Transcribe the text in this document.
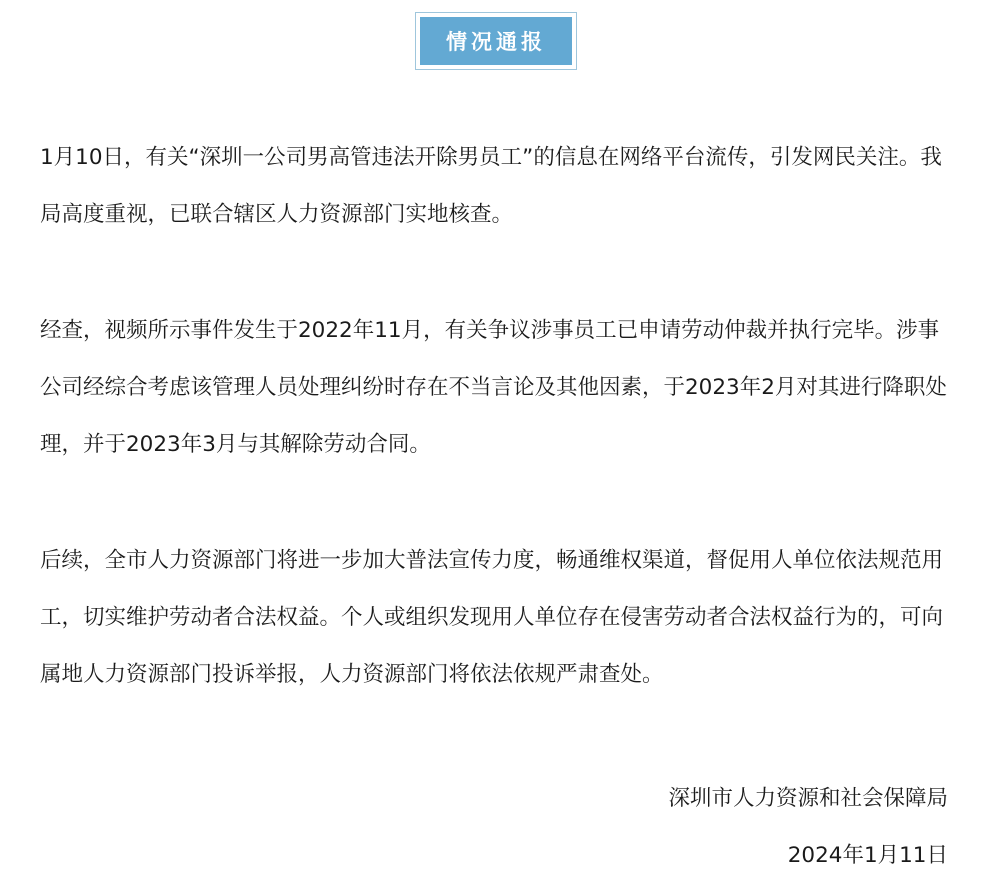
情况通报

1月10日，有关“深圳一公司男高管违法开除男员工”的信息在网络平台流传，引发网民关注。我局高度重视，已联合辖区人力资源部门实地核查。

经查，视频所示事件发生于2022年11月，有关争议涉事员工已申请劳动仲裁并执行完毕。涉事公司经综合考虑该管理人员处理纠纷时存在不当言论及其他因素，于2023年2月对其进行降职处理，并于2023年3月与其解除劳动合同。

后续，全市人力资源部门将进一步加大普法宣传力度，畅通维权渠道，督促用人单位依法规范用工，切实维护劳动者合法权益。个人或组织发现用人单位存在侵害劳动者合法权益行为的，可向属地人力资源部门投诉举报，人力资源部门将依法依规严肃查处。

深圳市人力资源和社会保障局

2024年1月11日
